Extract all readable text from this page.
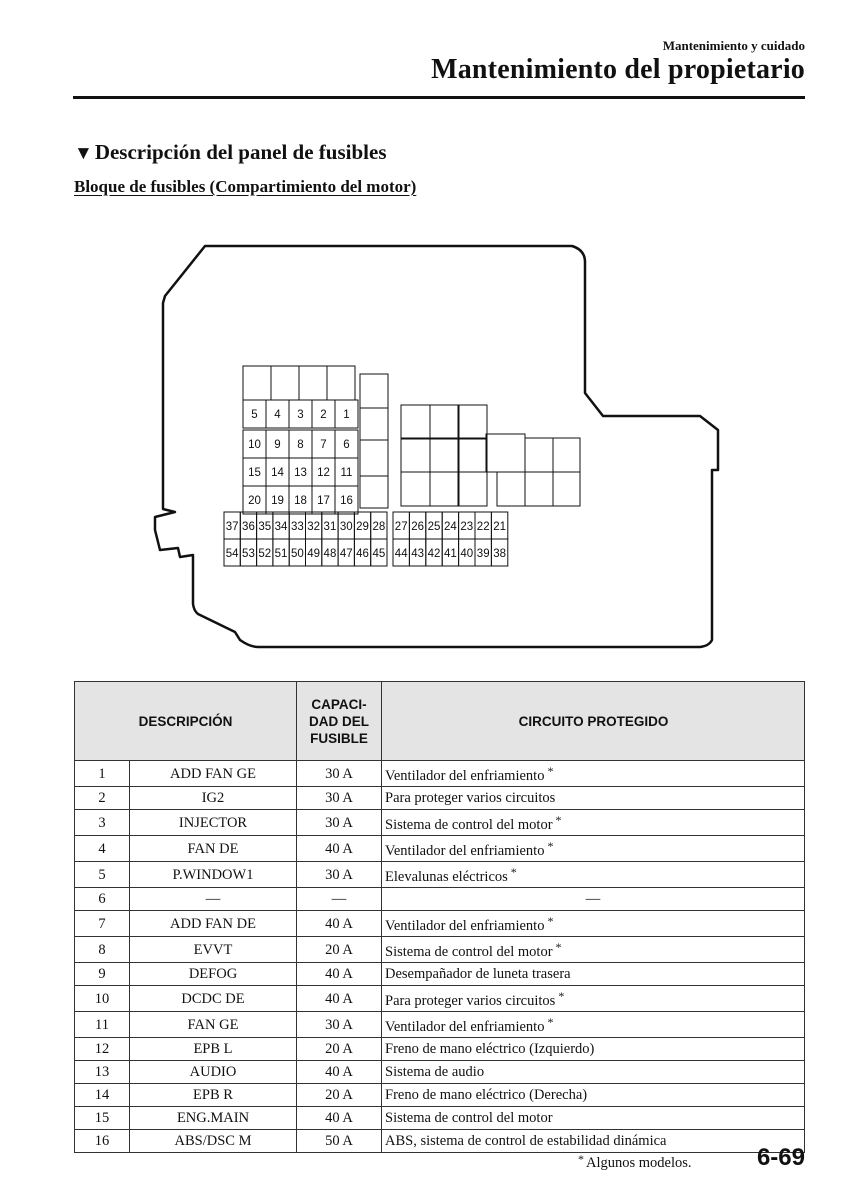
Mantenimiento y cuidado
Mantenimiento del propietario
▼Descripción del panel de fusibles
Bloque de fusibles (Compartimiento del motor)
5 4 3 2 1
10 9 8 7 6
15 14 13 12 11
20 19 18 17 16
37 36 35 34 33 32 31 30 29 28
54 53 52 51 50 49 48 47 46 45
27 26 25 24 23 22 21
44 43 42 41 40 39 38
DESCRIPCIÓN		CAPACI-
DAD DEL
FUSIBLE	CIRCUITO PROTEGIDO
1	ADD FAN GE	30 A	Ventilador del enfriamiento *
2	IG2	30 A	Para proteger varios circuitos
3	INJECTOR	30 A	Sistema de control del motor *
4	FAN DE	40 A	Ventilador del enfriamiento *
5	P.WINDOW1	30 A	Elevalunas eléctricos *
6	—	—	—
7	ADD FAN DE	40 A	Ventilador del enfriamiento *
8	EVVT	20 A	Sistema de control del motor *
9	DEFOG	40 A	Desempañador de luneta trasera
10	DCDC DE	40 A	Para proteger varios circuitos *
11	FAN GE	30 A	Ventilador del enfriamiento *
12	EPB L	20 A	Freno de mano eléctrico (Izquierdo)
13	AUDIO	40 A	Sistema de audio
14	EPB R	20 A	Freno de mano eléctrico (Derecha)
15	ENG.MAIN	40 A	Sistema de control del motor
16	ABS/DSC M	50 A	ABS, sistema de control de estabilidad dinámica
* Algunos modelos.	6-69
